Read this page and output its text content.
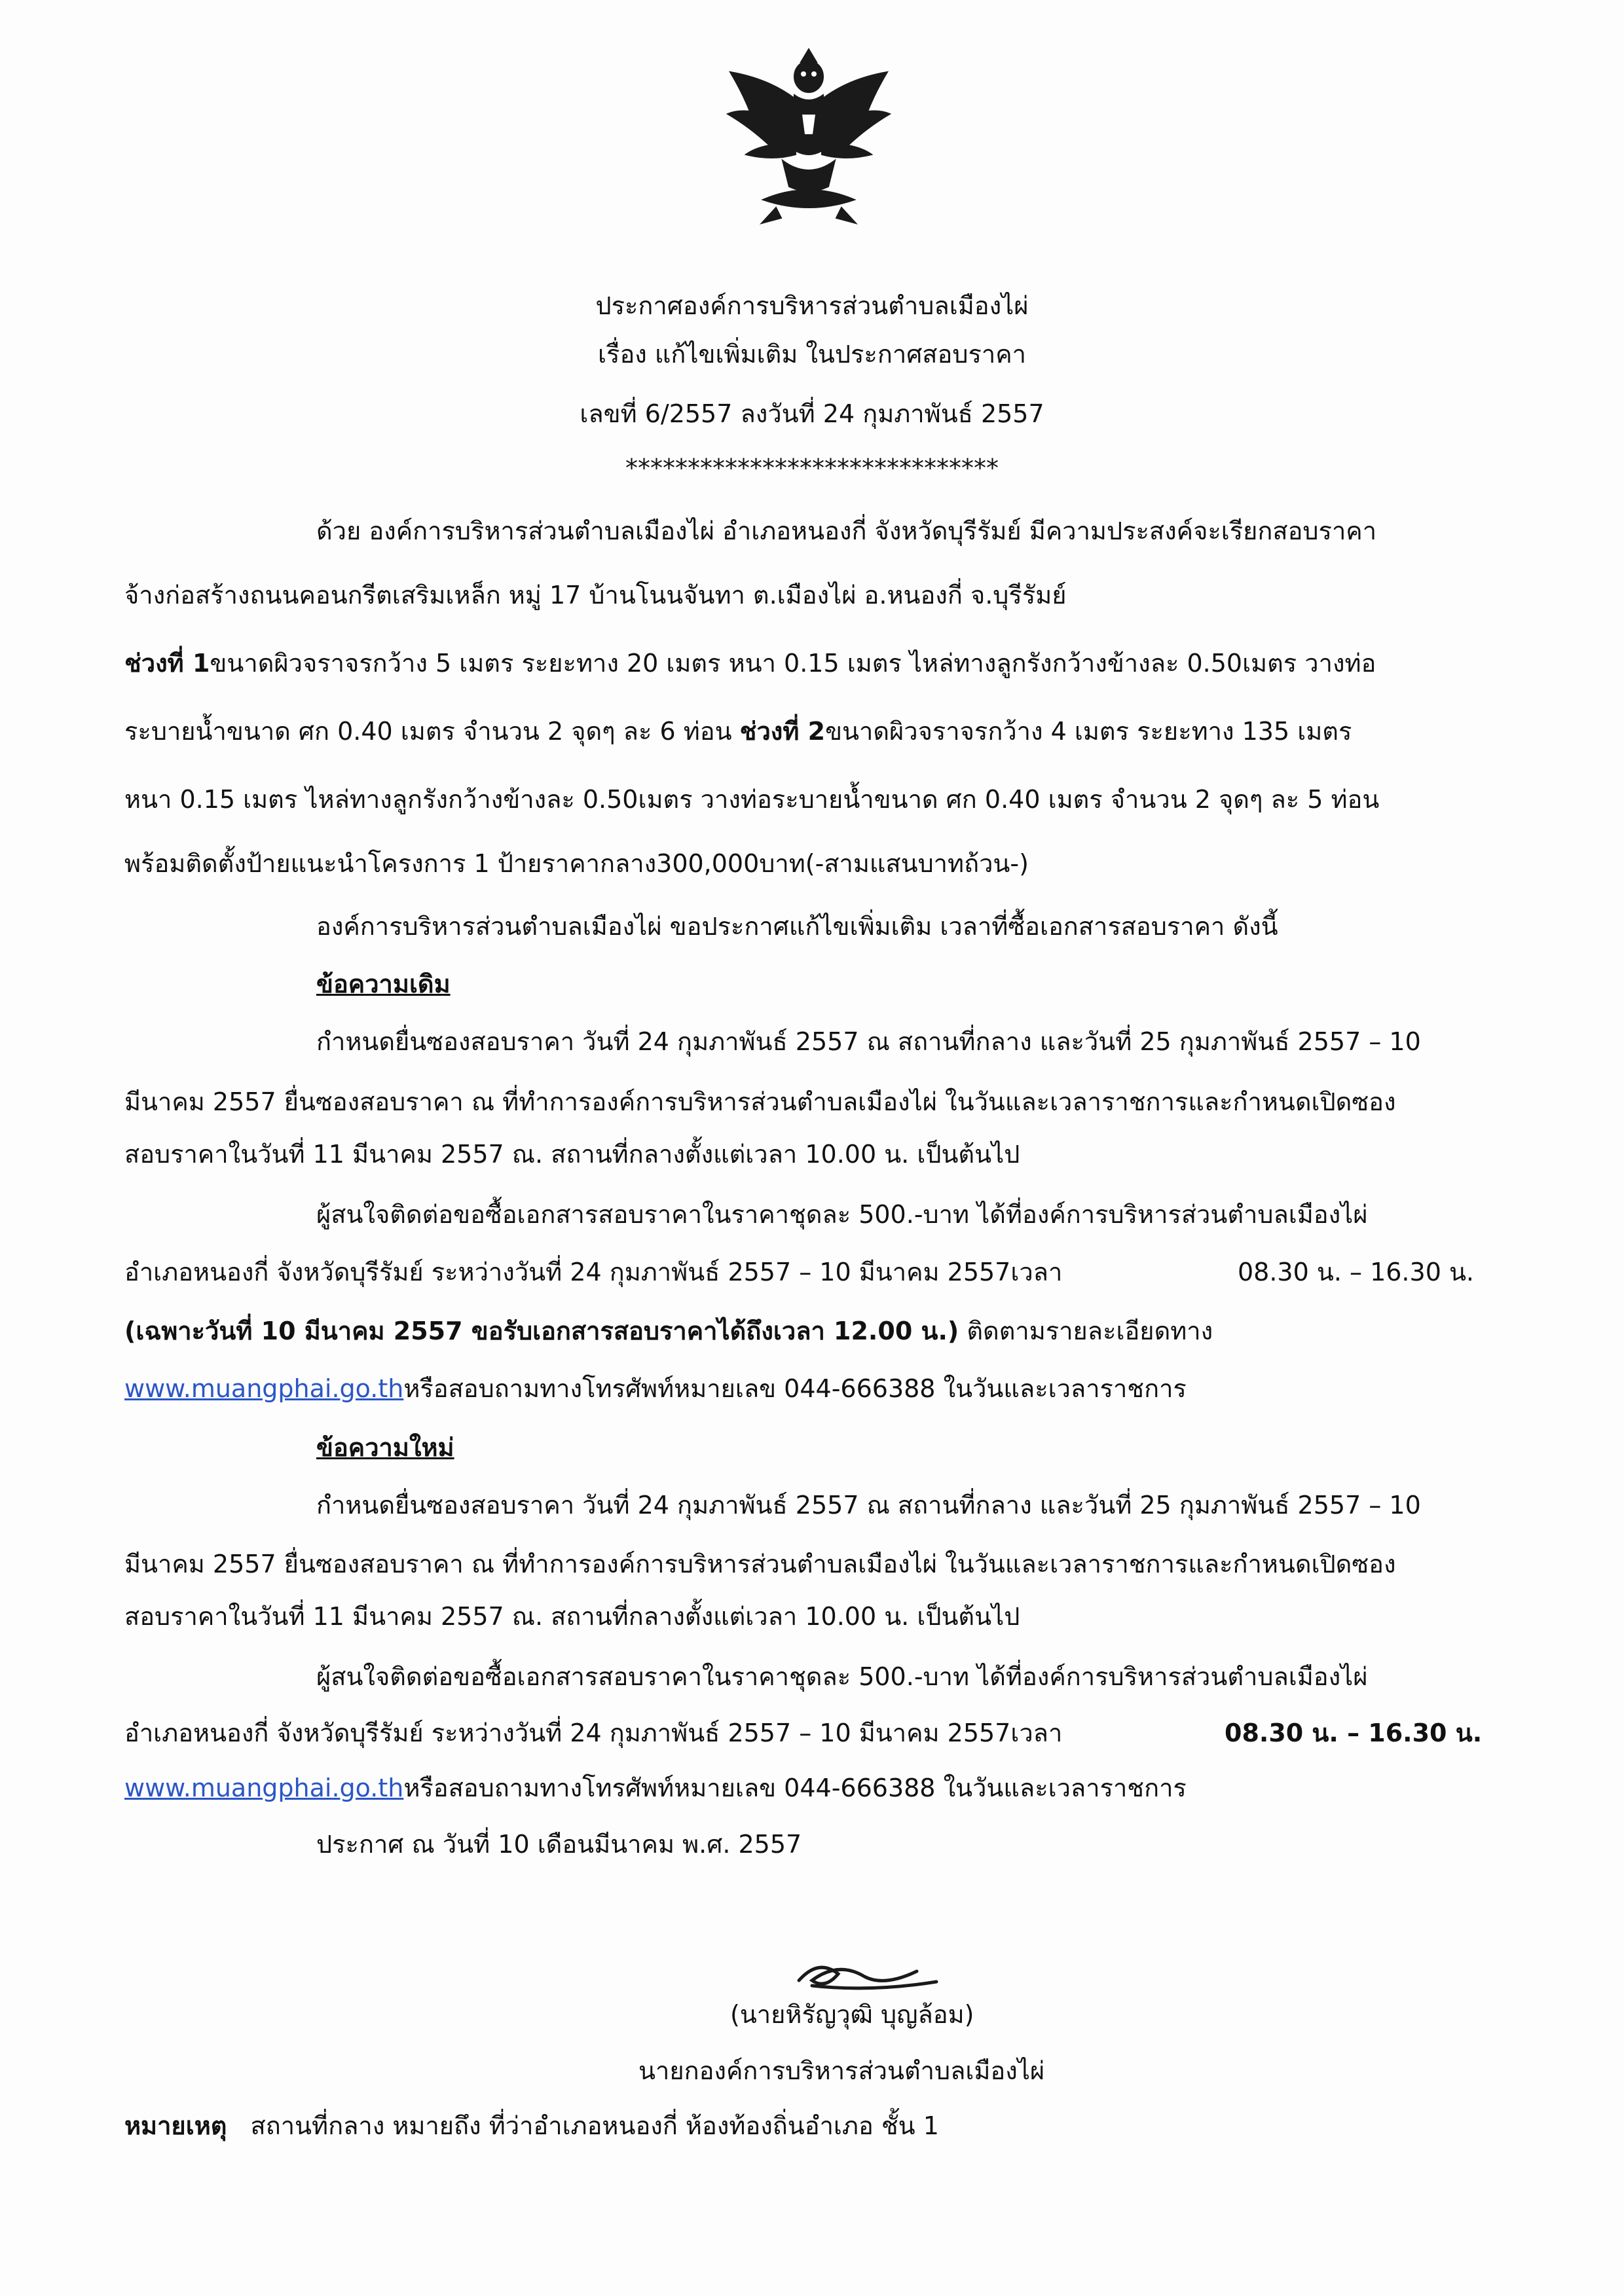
ประกาศองค์การบริหารส่วนตำบลเมืองไผ่
เรื่อง แก้ไขเพิ่มเติม ในประกาศสอบราคา
เลขที่ 6/2557 ลงวันที่ 24 กุมภาพันธ์ 2557
******************************
ด้วย องค์การบริหารส่วนตำบลเมืองไผ่ อำเภอหนองกี่ จังหวัดบุรีรัมย์ มีความประสงค์จะเรียกสอบราคา
จ้างก่อสร้างถนนคอนกรีตเสริมเหล็ก หมู่ 17 บ้านโนนจันทา ต.เมืองไผ่ อ.หนองกี่ จ.บุรีรัมย์
ช่วงที่ 1ขนาดผิวจราจรกว้าง 5 เมตร ระยะทาง 20 เมตร หนา 0.15 เมตร ไหล่ทางลูกรังกว้างข้างละ 0.50เมตร วางท่อ
ระบายน้ำขนาด ศก 0.40 เมตร จำนวน 2 จุดๆ ละ 6 ท่อน ช่วงที่ 2ขนาดผิวจราจรกว้าง 4 เมตร ระยะทาง 135 เมตร
หนา 0.15 เมตร ไหล่ทางลูกรังกว้างข้างละ 0.50เมตร วางท่อระบายน้ำขนาด ศก 0.40 เมตร จำนวน 2 จุดๆ ละ 5 ท่อน
พร้อมติดตั้งป้ายแนะนำโครงการ 1 ป้ายราคากลาง300,000บาท(-สามแสนบาทถ้วน-)
องค์การบริหารส่วนตำบลเมืองไผ่ ขอประกาศแก้ไขเพิ่มเติม เวลาที่ซื้อเอกสารสอบราคา ดังนี้
ข้อความเดิม
กำหนดยื่นซองสอบราคา วันที่ 24 กุมภาพันธ์ 2557 ณ สถานที่กลาง และวันที่ 25 กุมภาพันธ์ 2557 – 10
มีนาคม 2557 ยื่นซองสอบราคา ณ ที่ทำการองค์การบริหารส่วนตำบลเมืองไผ่ ในวันและเวลาราชการและกำหนดเปิดซอง
สอบราคาในวันที่ 11 มีนาคม 2557 ณ. สถานที่กลางตั้งแต่เวลา 10.00 น. เป็นต้นไป
ผู้สนใจติดต่อขอซื้อเอกสารสอบราคาในราคาชุดละ 500.-บาท ได้ที่องค์การบริหารส่วนตำบลเมืองไผ่
อำเภอหนองกี่ จังหวัดบุรีรัมย์ ระหว่างวันที่ 24 กุมภาพันธ์ 2557 – 10 มีนาคม 2557เวลา	08.30 น. – 16.30 น.
(เฉพาะวันที่ 10 มีนาคม 2557 ขอรับเอกสารสอบราคาได้ถึงเวลา 12.00 น.) ติดตามรายละเอียดทาง
www.muangphai.go.thหรือสอบถามทางโทรศัพท์หมายเลข 044-666388 ในวันและเวลาราชการ
ข้อความใหม่
กำหนดยื่นซองสอบราคา วันที่ 24 กุมภาพันธ์ 2557 ณ สถานที่กลาง และวันที่ 25 กุมภาพันธ์ 2557 – 10
มีนาคม 2557 ยื่นซองสอบราคา ณ ที่ทำการองค์การบริหารส่วนตำบลเมืองไผ่ ในวันและเวลาราชการและกำหนดเปิดซอง
สอบราคาในวันที่ 11 มีนาคม 2557 ณ. สถานที่กลางตั้งแต่เวลา 10.00 น. เป็นต้นไป
ผู้สนใจติดต่อขอซื้อเอกสารสอบราคาในราคาชุดละ 500.-บาท ได้ที่องค์การบริหารส่วนตำบลเมืองไผ่
อำเภอหนองกี่ จังหวัดบุรีรัมย์ ระหว่างวันที่ 24 กุมภาพันธ์ 2557 – 10 มีนาคม 2557เวลา	08.30 น. – 16.30 น.
www.muangphai.go.thหรือสอบถามทางโทรศัพท์หมายเลข 044-666388 ในวันและเวลาราชการ
ประกาศ ณ วันที่ 10 เดือนมีนาคม พ.ศ. 2557
(นายหิรัญวุฒิ บุญล้อม)
นายกองค์การบริหารส่วนตำบลเมืองไผ่
หมายเหตุ สถานที่กลาง หมายถึง ที่ว่าอำเภอหนองกี่ ห้องท้องถิ่นอำเภอ ชั้น 1
